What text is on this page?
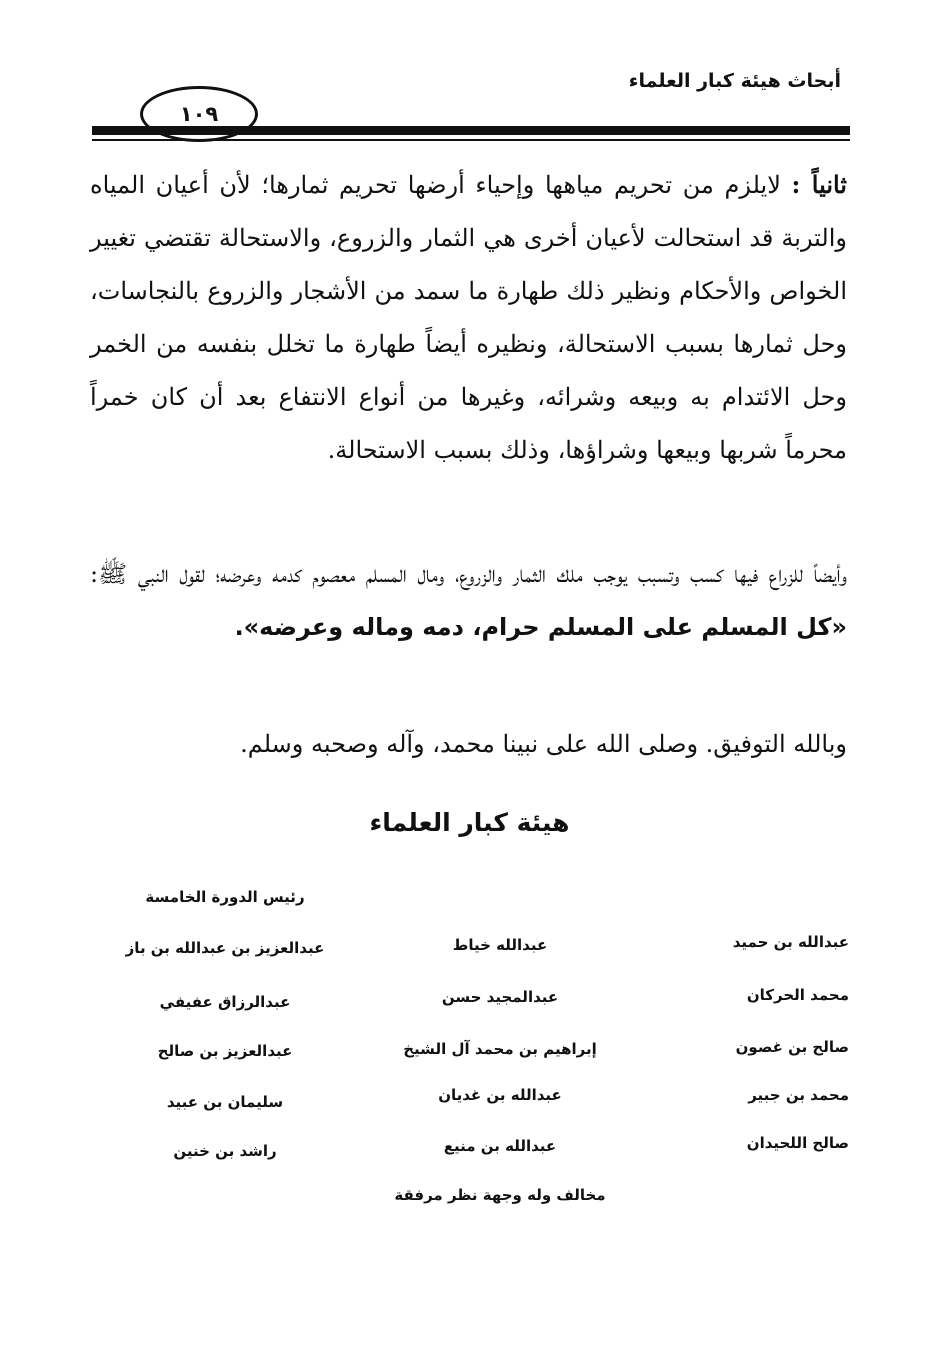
أبحاث هيئة كبار العلماء
١٠٩
ثانياً : لايلزم من تحريم مياهها وإحياء أرضها تحريم ثمارها؛ لأن أعيان المياه والتربة قد استحالت لأعيان أخرى هي الثمار والزروع، والاستحالة تقتضي تغيير الخواص والأحكام ونظير ذلك طهارة ما سمد من الأشجار والزروع بالنجاسات، وحل ثمارها بسبب الاستحالة، ونظيره أيضاً طهارة ما تخلل بنفسه من الخمر وحل الائتدام به وبيعه وشرائه، وغيرها من أنواع الانتفاع بعد أن كان خمراً محرماً شربها وبيعها وشراؤها، وذلك بسبب الاستحالة.
وأيضاً للزراع فيها كسب وتسبب يوجب ملك الثمار والزروع، ومال المسلم معصوم كدمه وعرضه؛ لقول النبي ﷺ: «كل المسلم على المسلم حرام، دمه وماله وعرضه».
وبالله التوفيق. وصلى الله على نبينا محمد، وآله وصحبه وسلم.
هيئة كبار العلماء
رئيس الدورة الخامسة
عبدالله بن حميد
محمد الحركان
صالح بن غصون
محمد بن جبير
صالح اللحيدان
عبدالله خياط
عبدالمجيد حسن
إبراهيم بن محمد آل الشيخ
عبدالله بن غديان
عبدالله بن منيع
عبدالعزيز بن عبدالله بن باز
عبدالرزاق عفيفي
عبدالعزيز بن صالح
سليمان بن عبيد
راشد بن خنين
مخالف وله وجهة نظر مرفقة
